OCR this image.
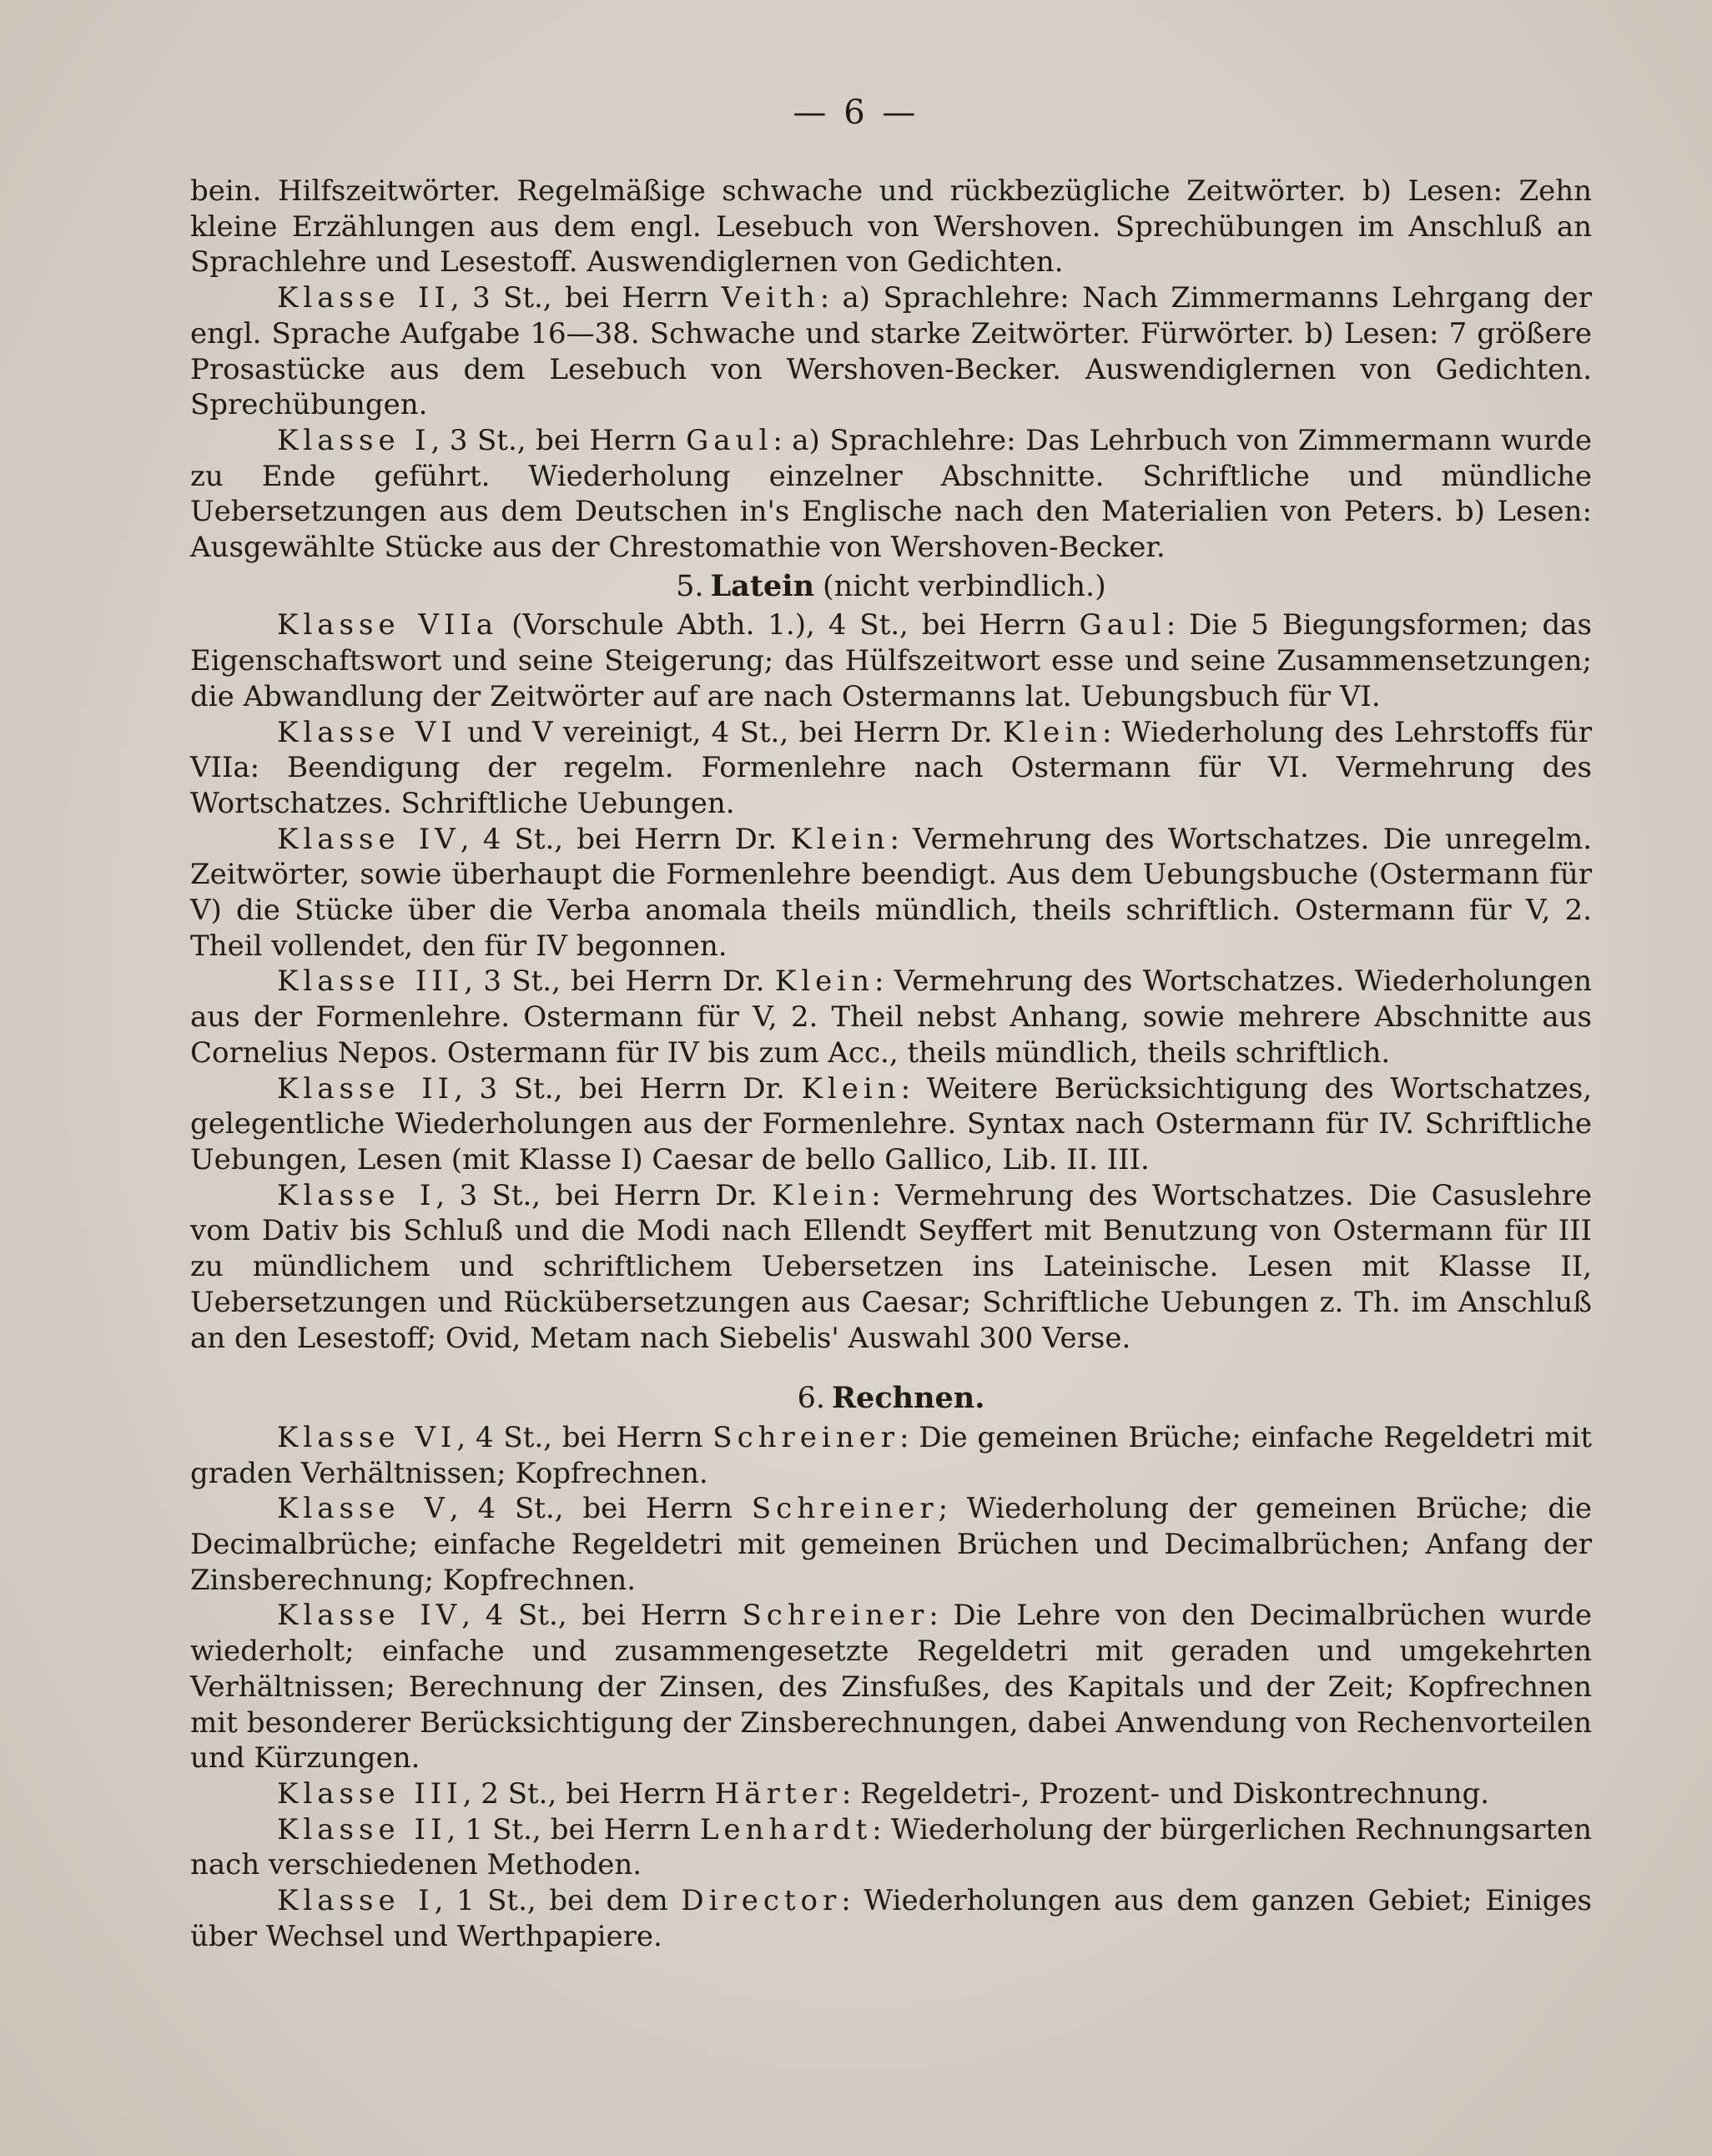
— 6 —

bein. Hilfszeitwörter. Regelmäßige schwache und rückbezügliche Zeitwörter. b) Lesen: Zehn kleine Erzählungen aus dem engl. Lesebuch von Wershoven. Sprechübungen im Anschluß an Sprachlehre und Lesestoff. Auswendiglernen von Gedichten.

Klasse II, 3 St., bei Herrn Veith: a) Sprachlehre: Nach Zimmermanns Lehrgang der engl. Sprache Aufgabe 16—38. Schwache und starke Zeitwörter. Fürwörter. b) Lesen: 7 größere Prosastücke aus dem Lesebuch von Wershoven-Becker. Auswendiglernen von Gedichten. Sprechübungen.

Klasse I, 3 St., bei Herrn Gaul: a) Sprachlehre: Das Lehrbuch von Zimmermann wurde zu Ende geführt. Wiederholung einzelner Abschnitte. Schriftliche und mündliche Uebersetzungen aus dem Deutschen in's Englische nach den Materialien von Peters. b) Lesen: Ausgewählte Stücke aus der Chrestomathie von Wershoven-Becker.

5. Latein (nicht verbindlich.)

Klasse VIIa (Vorschule Abth. 1.), 4 St., bei Herrn Gaul: Die 5 Biegungsformen; das Eigenschaftswort und seine Steigerung; das Hülfszeitwort esse und seine Zusammensetzungen; die Abwandlung der Zeitwörter auf are nach Ostermanns lat. Uebungsbuch für VI.

Klasse VI und V vereinigt, 4 St., bei Herrn Dr. Klein: Wiederholung des Lehrstoffs für VIIa: Beendigung der regelm. Formenlehre nach Ostermann für VI. Vermehrung des Wortschatzes. Schriftliche Uebungen.

Klasse IV, 4 St., bei Herrn Dr. Klein: Vermehrung des Wortschatzes. Die unregelm. Zeitwörter, sowie überhaupt die Formenlehre beendigt. Aus dem Uebungsbuche (Ostermann für V) die Stücke über die Verba anomala theils mündlich, theils schriftlich. Ostermann für V, 2. Theil vollendet, den für IV begonnen.

Klasse III, 3 St., bei Herrn Dr. Klein: Vermehrung des Wortschatzes. Wiederholungen aus der Formenlehre. Ostermann für V, 2. Theil nebst Anhang, sowie mehrere Abschnitte aus Cornelius Nepos. Ostermann für IV bis zum Acc., theils mündlich, theils schriftlich.

Klasse II, 3 St., bei Herrn Dr. Klein: Weitere Berücksichtigung des Wortschatzes, gelegentliche Wiederholungen aus der Formenlehre. Syntax nach Ostermann für IV. Schriftliche Uebungen, Lesen (mit Klasse I) Caesar de bello Gallico, Lib. II. III.

Klasse I, 3 St., bei Herrn Dr. Klein: Vermehrung des Wortschatzes. Die Casuslehre vom Dativ bis Schluß und die Modi nach Ellendt Seyffert mit Benutzung von Ostermann für III zu mündlichem und schriftlichem Uebersetzen ins Lateinische. Lesen mit Klasse II, Uebersetzungen und Rückübersetzungen aus Caesar; Schriftliche Uebungen z. Th. im Anschluß an den Lesestoff; Ovid, Metam nach Siebelis' Auswahl 300 Verse.

6. Rechnen.

Klasse VI, 4 St., bei Herrn Schreiner: Die gemeinen Brüche; einfache Regeldetri mit graden Verhältnissen; Kopfrechnen.

Klasse V, 4 St., bei Herrn Schreiner; Wiederholung der gemeinen Brüche; die Decimalbrüche; einfache Regeldetri mit gemeinen Brüchen und Decimalbrüchen; Anfang der Zinsberechnung; Kopfrechnen.

Klasse IV, 4 St., bei Herrn Schreiner: Die Lehre von den Decimalbrüchen wurde wiederholt; einfache und zusammengesetzte Regeldetri mit geraden und umgekehrten Verhältnissen; Berechnung der Zinsen, des Zinsfußes, des Kapitals und der Zeit; Kopfrechnen mit besonderer Berücksichtigung der Zinsberechnungen, dabei Anwendung von Rechenvorteilen und Kürzungen.

Klasse III, 2 St., bei Herrn Härter: Regeldetri-, Prozent- und Diskontrechnung.

Klasse II, 1 St., bei Herrn Lenhardt: Wiederholung der bürgerlichen Rechnungsarten nach verschiedenen Methoden.

Klasse I, 1 St., bei dem Director: Wiederholungen aus dem ganzen Gebiet; Einiges über Wechsel und Werthpapiere.
